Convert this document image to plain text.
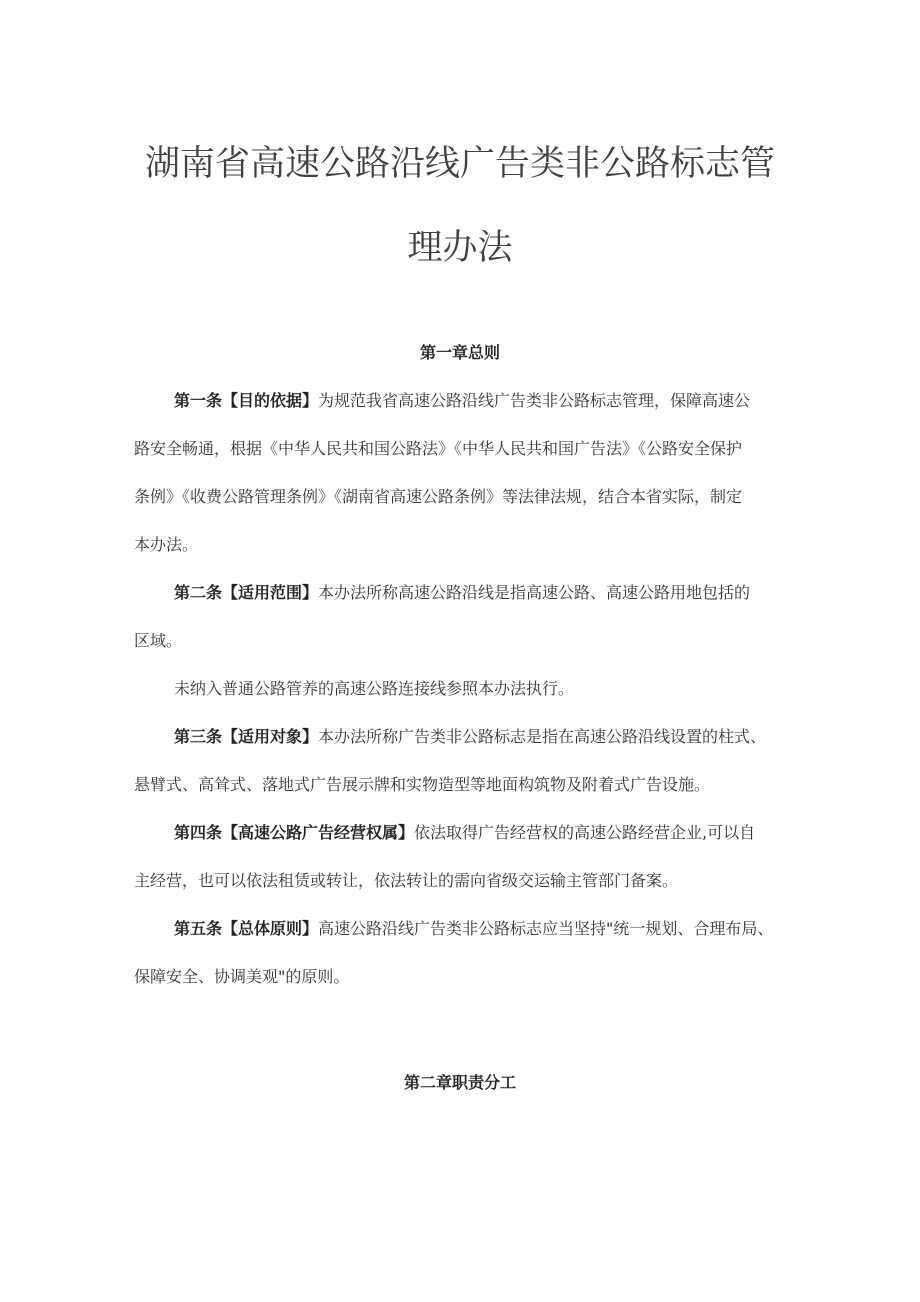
湖南省高速公路沿线广告类非公路标志管
理办法
第一章总则

第一条【目的依据】为规范我省高速公路沿线广告类非公路标志管理，保障高速公

路安全畅通，根据《中华人民共和国公路法》《中华人民共和国广告法》《公路安全保护

条例》《收费公路管理条例》《湖南省高速公路条例》等法律法规，结合本省实际，制定

本办法。

第二条【适用范围】本办法所称高速公路沿线是指高速公路、高速公路用地包括的

区域。

未纳入普通公路管养的高速公路连接线参照本办法执行。

第三条【适用对象】本办法所称广告类非公路标志是指在高速公路沿线设置的柱式、

悬臂式、高耸式、落地式广告展示牌和实物造型等地面构筑物及附着式广告设施。

第四条【高速公路广告经营权属】依法取得广告经营权的高速公路经营企业,可以自

主经营，也可以依法租赁或转让，依法转让的需向省级交运输主管部门备案。

第五条【总体原则】高速公路沿线广告类非公路标志应当坚持"统一规划、合理布局、

保障安全、协调美观"的原则。

第二章职责分工
